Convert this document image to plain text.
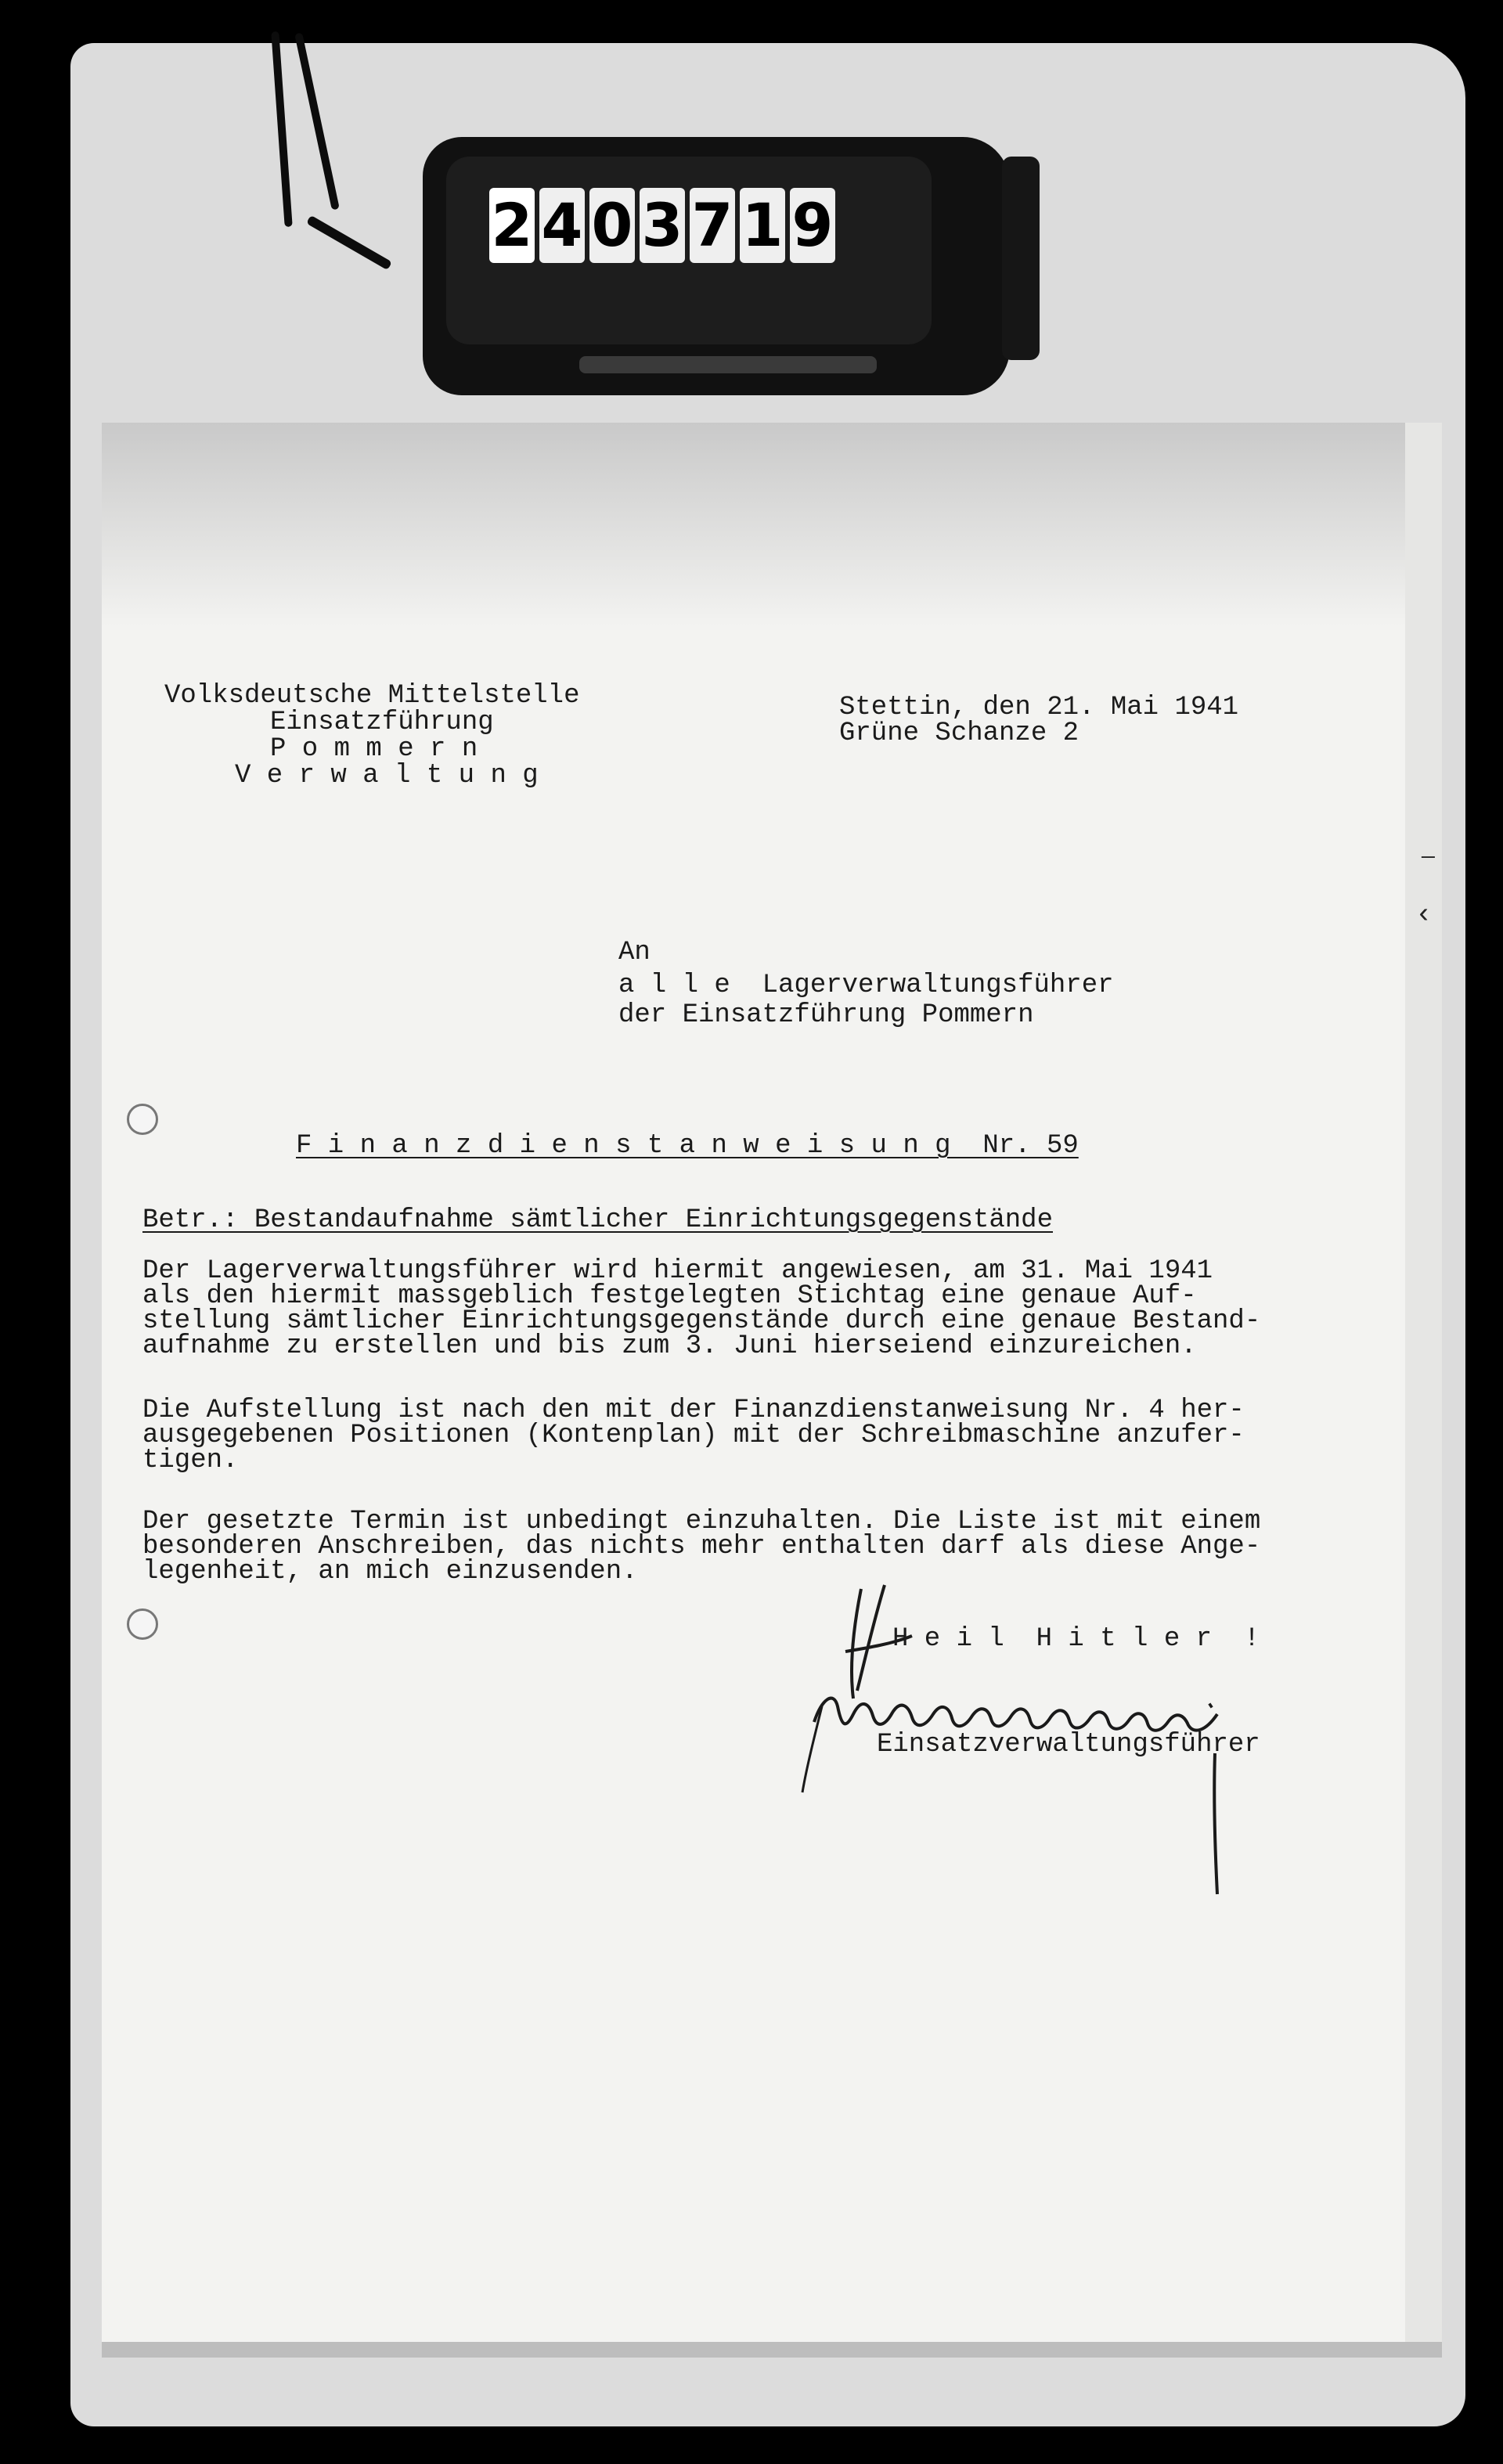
2 4 0 3 7 1 9
‹
—
Volksdeutsche Mittelstelle
Einsatzführung
P o m m e r n
V e r w a l t u n g
Stettin, den 21. Mai 1941
Grüne Schanze 2
An
a l l e  Lagerverwaltungsführer
der Einsatzführung Pommern
F i n a n z d i e n s t a n w e i s u n g  Nr. 59
Betr.: Bestandaufnahme sämtlicher Einrichtungsgegenstände
Der Lagerverwaltungsführer wird hiermit angewiesen, am 31. Mai 1941
als den hiermit massgeblich festgelegten Stichtag eine genaue Auf-
stellung sämtlicher Einrichtungsgegenstände durch eine genaue Bestand-
aufnahme zu erstellen und bis zum 3. Juni hierseiend einzureichen.
Die Aufstellung ist nach den mit der Finanzdienstanweisung Nr. 4 her-
ausgegebenen Positionen (Kontenplan) mit der Schreibmaschine anzufer-
tigen.
Der gesetzte Termin ist unbedingt einzuhalten. Die Liste ist mit einem
besonderen Anschreiben, das nichts mehr enthalten darf als diese Ange-
legenheit, an mich einzusenden.
H e i l  H i t l e r  !
Einsatzverwaltungsführer
